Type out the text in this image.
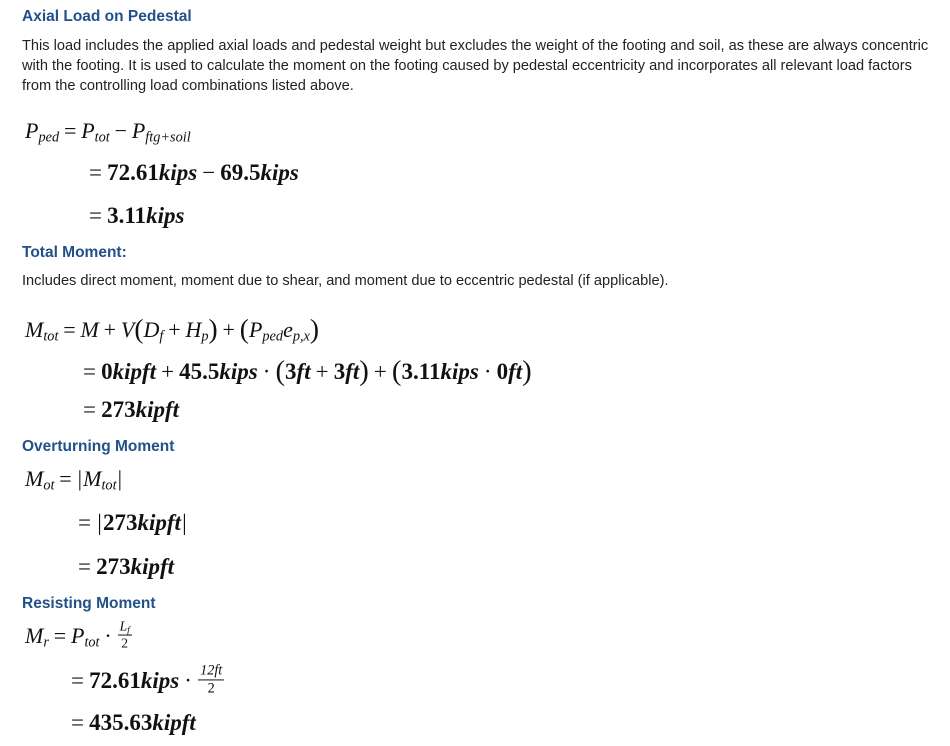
Axial Load on Pedestal
This load includes the applied axial loads and pedestal weight but excludes the weight of the footing and soil, as these are always concentric with the footing. It is used to calculate the moment on the footing caused by pedestal eccentricity and incorporates all relevant load factors from the controlling load combinations listed above.
$P_{ped} = P_{tot} - P_{ftg+soil}$
= 72.61kips − 69.5kips
= 3.11kips
Total Moment:
Includes direct moment, moment due to shear, and moment due to eccentric pedestal (if applicable).
$M_{tot} = M + V(D_f + H_p) + (P_{ped}e_{p,x})$
= 0kipft + 45.5kips · (3ft + 3ft) + (3.11kips · 0ft)
= 273kipft
Overturning Moment
$M_{ot} = |M_{tot}|$
= |273kipft|
= 273kipft
Resisting Moment
$M_r = P_{tot} \cdot \frac{L_f}{2}$
= 72.61kips · $\frac{12ft}{2}$
= 435.63kipft
